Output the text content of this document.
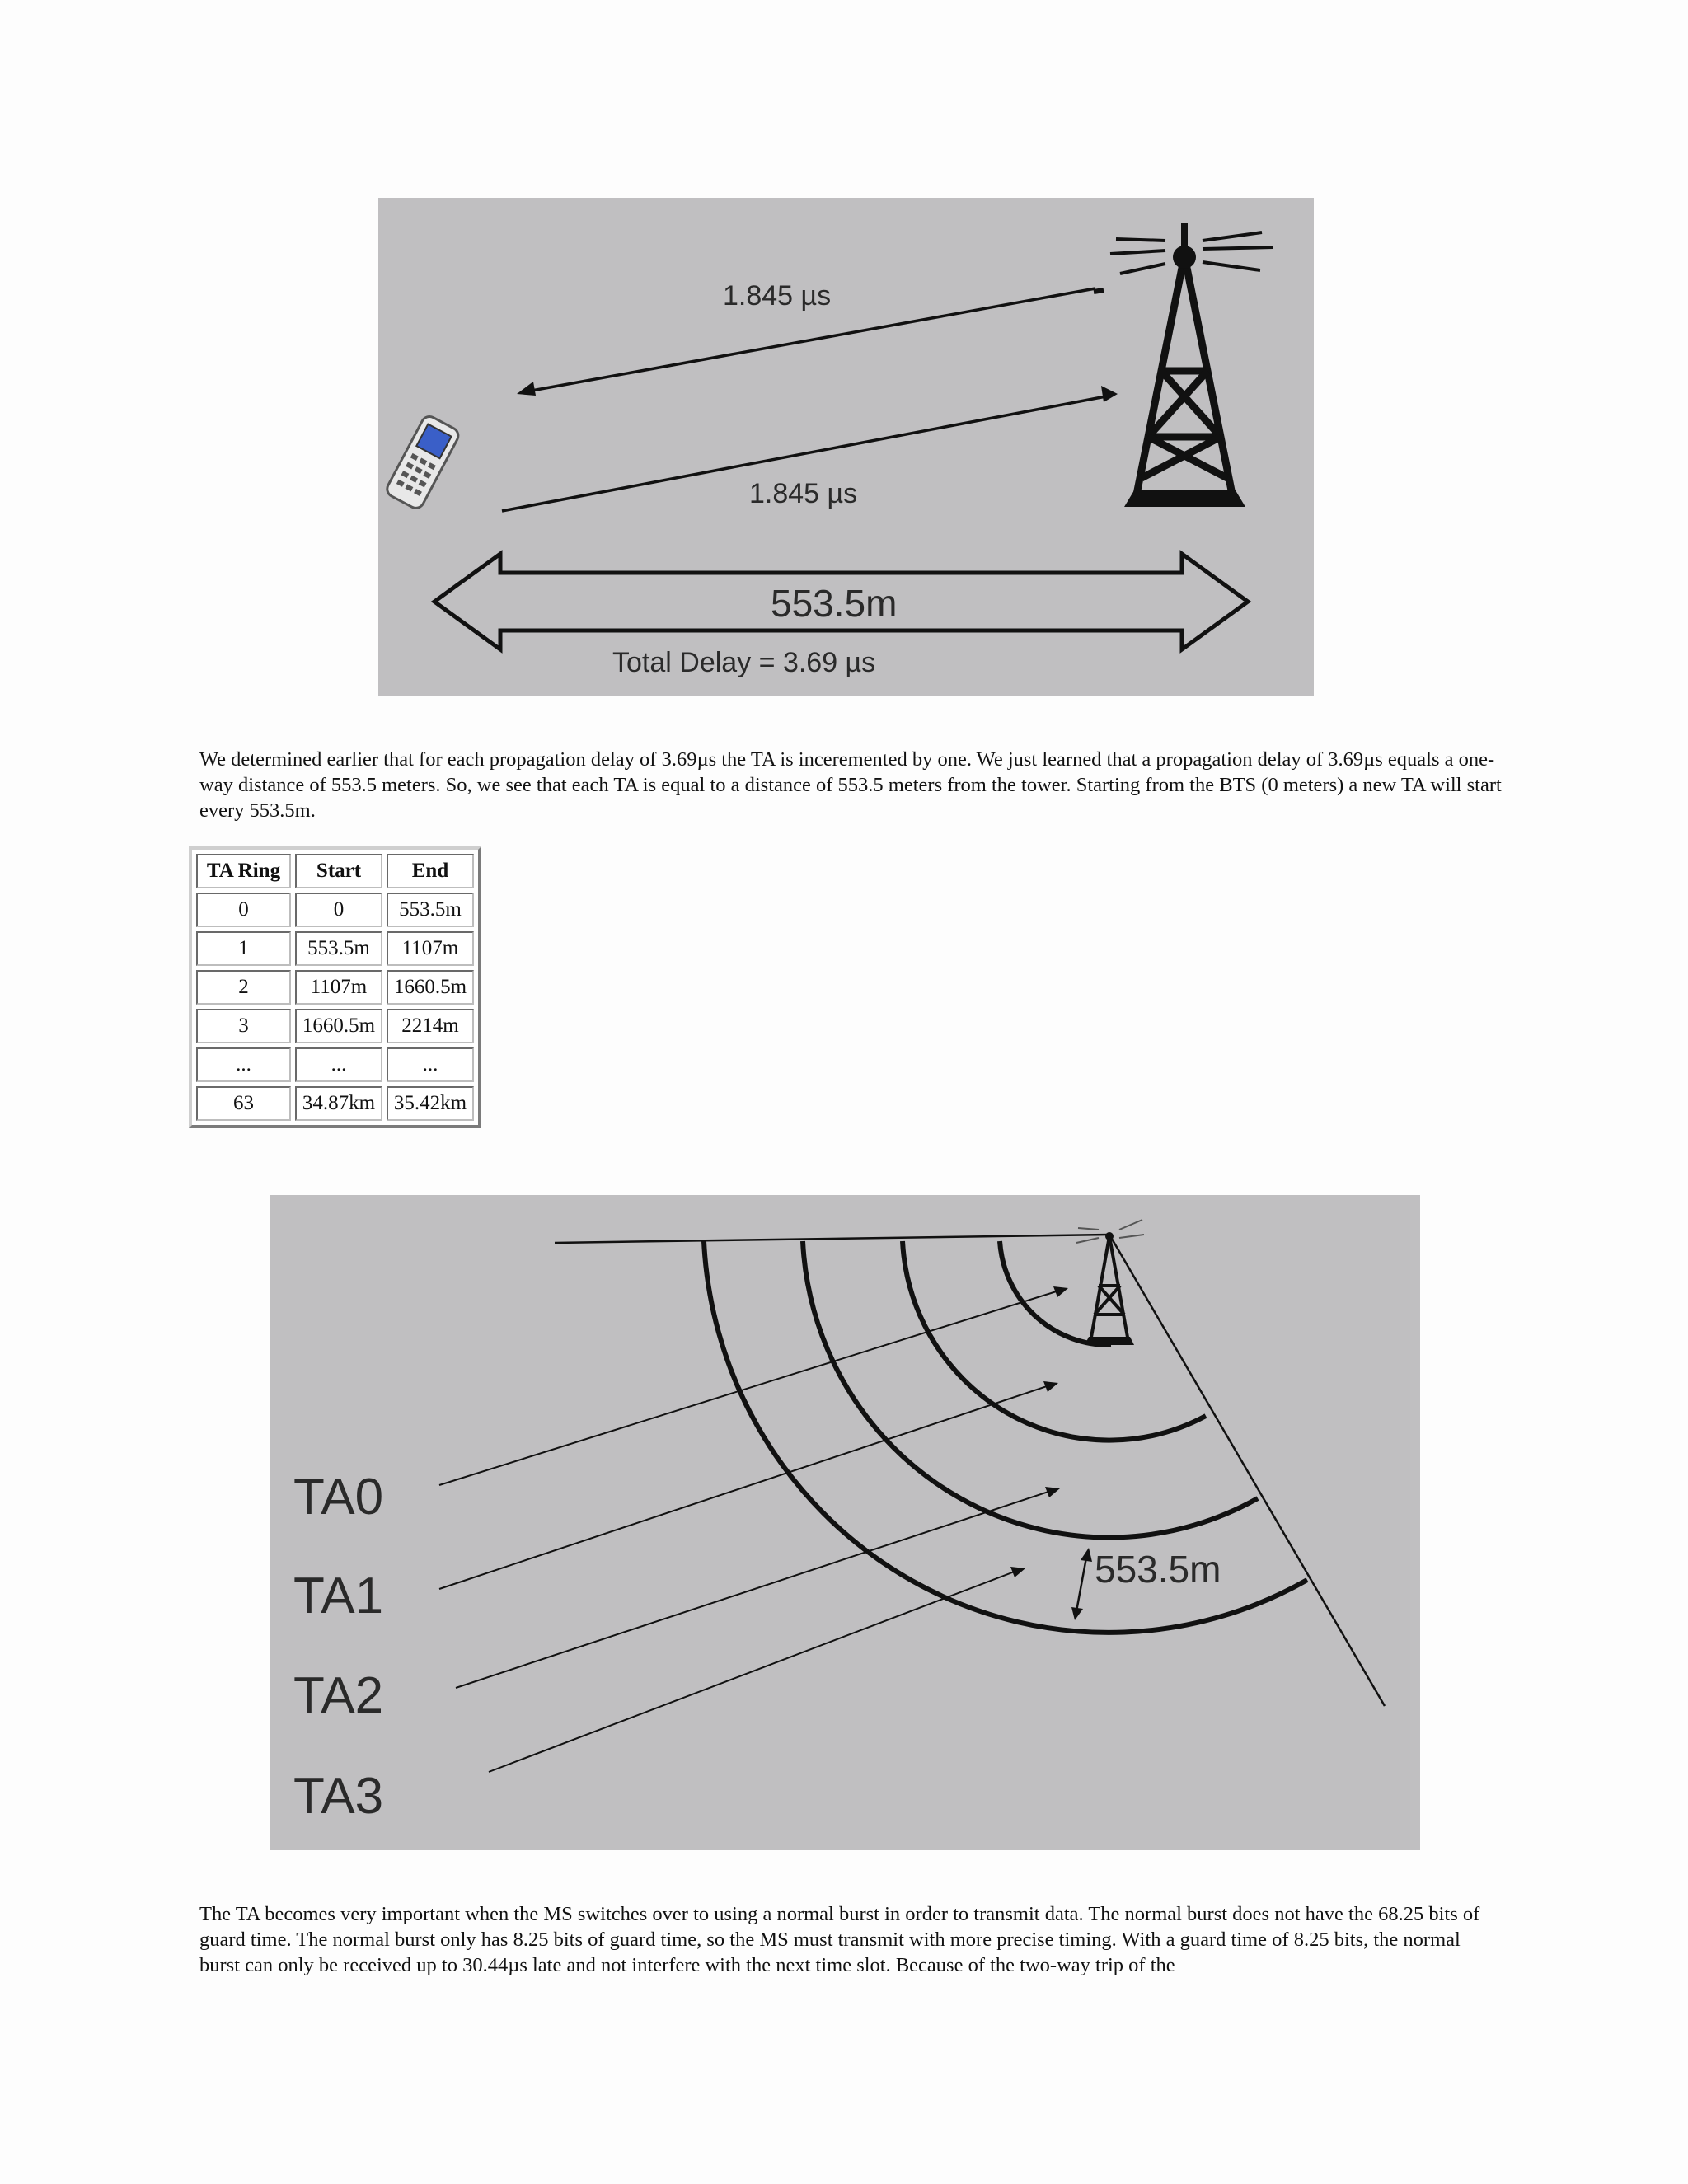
1.845 µs
1.845 µs
553.5m
Total Delay = 3.69 µs
We determined earlier that for each propagation delay of 3.69µs the TA is inceremented by one. We just learned that a propagation delay of 3.69µs equals a one-way distance of 553.5 meters. So, we see that each TA is equal to a distance of 553.5 meters from the tower. Starting from the BTS (0 meters) a new TA will start every 553.5m.
TA Ring	Start	End
0	0	553.5m
1	553.5m	1107m
2	1107m	1660.5m
3	1660.5m	2214m
...	...	...
63	34.87km	35.42km
553.5m
TA0
TA1
TA2
TA3
The TA becomes very important when the MS switches over to using a normal burst in order to transmit data. The normal burst does not have the 68.25 bits of guard time. The normal burst only has 8.25 bits of guard time, so the MS must transmit with more precise timing. With a guard time of 8.25 bits, the normal burst can only be received up to 30.44µs late and not interfere with the next time slot. Because of the two-way trip of the
